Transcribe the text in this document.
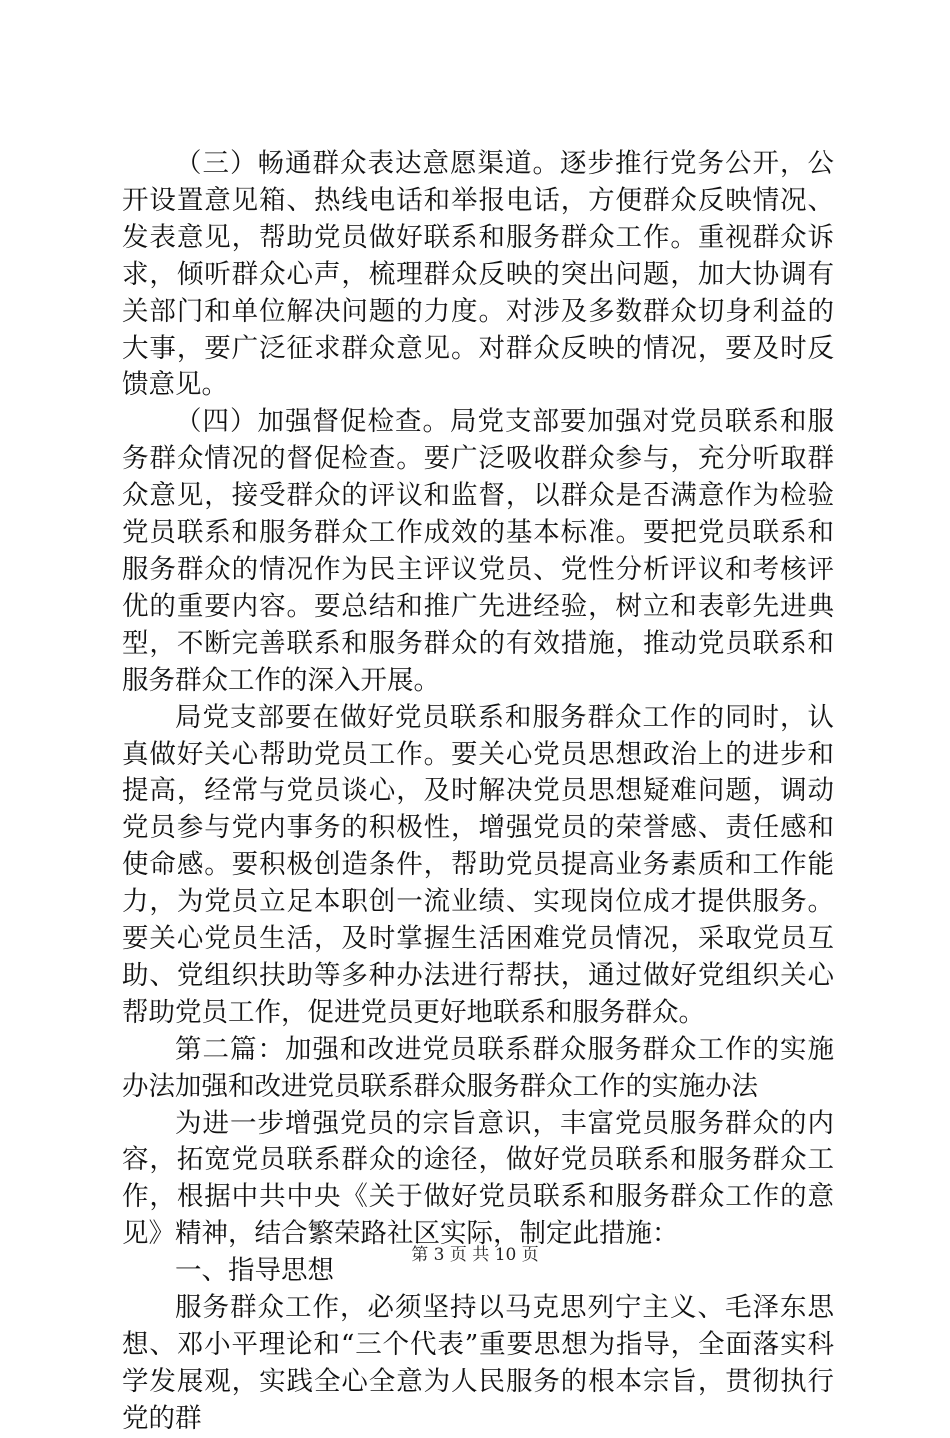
（三）畅通群众表达意愿渠道。逐步推行党务公开，公开设置意见箱、热线电话和举报电话，方便群众反映情况、发表意见，帮助党员做好联系和服务群众工作。重视群众诉求，倾听群众心声，梳理群众反映的突出问题，加大协调有关部门和单位解决问题的力度。对涉及多数群众切身利益的大事，要广泛征求群众意见。对群众反映的情况，要及时反馈意见。

（四）加强督促检查。局党支部要加强对党员联系和服务群众情况的督促检查。要广泛吸收群众参与，充分听取群众意见，接受群众的评议和监督，以群众是否满意作为检验党员联系和服务群众工作成效的基本标准。要把党员联系和服务群众的情况作为民主评议党员、党性分析评议和考核评优的重要内容。要总结和推广先进经验，树立和表彰先进典型，不断完善联系和服务群众的有效措施，推动党员联系和服务群众工作的深入开展。

局党支部要在做好党员联系和服务群众工作的同时，认真做好关心帮助党员工作。要关心党员思想政治上的进步和提高，经常与党员谈心，及时解决党员思想疑难问题，调动党员参与党内事务的积极性，增强党员的荣誉感、责任感和使命感。要积极创造条件，帮助党员提高业务素质和工作能力，为党员立足本职创一流业绩、实现岗位成才提供服务。要关心党员生活，及时掌握生活困难党员情况，采取党员互助、党组织扶助等多种办法进行帮扶，通过做好党组织关心帮助党员工作，促进党员更好地联系和服务群众。

第二篇：加强和改进党员联系群众服务群众工作的实施办法加强和改进党员联系群众服务群众工作的实施办法

为进一步增强党员的宗旨意识，丰富党员服务群众的内容，拓宽党员联系群众的途径，做好党员联系和服务群众工作，根据中共中央《关于做好党员联系和服务群众工作的意见》精神，结合繁荣路社区实际，制定此措施：

一、指导思想

服务群众工作，必须坚持以马克思列宁主义、毛泽东思想、邓小平理论和“三个代表”重要思想为指导，全面落实科学发展观，实践全心全意为人民服务的根本宗旨，贯彻执行党的群

第 3 页 共 10 页
